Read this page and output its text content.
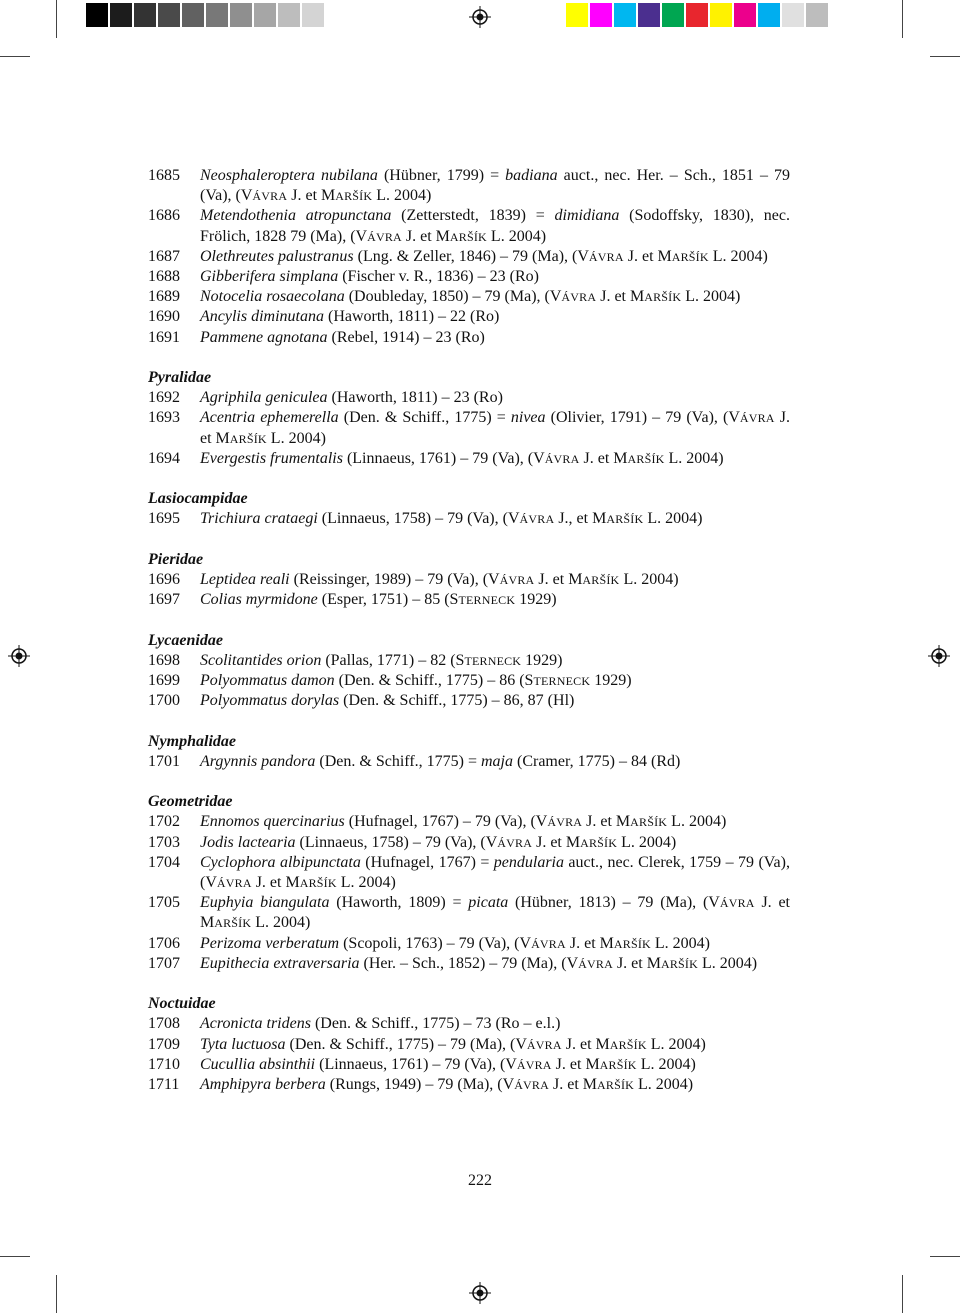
1685	Neosphaleroptera nubilana (Hübner, 1799) = badiana auct., nec. Her. – Sch., 1851 – 79 (Va), (VÁVRA J. et MARŠÍK L. 2004)

1686	Metendothenia atropunctana (Zetterstedt, 1839) = dimidiana (Sodoffsky, 1830), nec. Frölich, 1828 79 (Ma), (VÁVRA J. et MARŠÍK L. 2004)

1687	Olethreutes palustranus (Lng. & Zeller, 1846) – 79 (Ma), (VÁVRA J. et MARŠÍK L. 2004)

1688	Gibberifera simplana (Fischer v. R., 1836) – 23 (Ro)

1689	Notocelia rosaecolana (Doubleday, 1850) – 79 (Ma), (VÁVRA J. et MARŠÍK L. 2004)

1690	Ancylis diminutana (Haworth, 1811) – 22 (Ro)

1691	Pammene agnotana (Rebel, 1914) – 23 (Ro)

Pyralidae

1692	Agriphila geniculea (Haworth, 1811) – 23 (Ro)

1693	Acentria ephemerella (Den. & Schiff., 1775) = nivea (Olivier, 1791) – 79 (Va), (VÁVRA J. et MARŠÍK L. 2004)

1694	Evergestis frumentalis (Linnaeus, 1761) – 79 (Va), (VÁVRA J. et MARŠÍK L. 2004)

Lasiocampidae

1695	Trichiura crataegi (Linnaeus, 1758) – 79 (Va), (VÁVRA J., et MARŠÍK L. 2004)

Pieridae

1696	Leptidea reali (Reissinger, 1989) – 79 (Va), (VÁVRA J. et MARŠÍK L. 2004)

1697	Colias myrmidone (Esper, 1751) – 85 (STERNECK 1929)

Lycaenidae

1698	Scolitantides orion (Pallas, 1771) – 82 (STERNECK 1929)

1699	Polyommatus damon (Den. & Schiff., 1775) – 86 (STERNECK 1929)

1700	Polyommatus dorylas (Den. & Schiff., 1775) – 86, 87 (Hl)

Nymphalidae

1701	Argynnis pandora (Den. & Schiff., 1775) = maja (Cramer, 1775) – 84 (Rd)

Geometridae

1702	Ennomos quercinarius (Hufnagel, 1767) – 79 (Va), (VÁVRA J. et MARŠÍK L. 2004)

1703	Jodis lactearia (Linnaeus, 1758) – 79 (Va), (VÁVRA J. et MARŠÍK L. 2004)

1704	Cyclophora albipunctata (Hufnagel, 1767) = pendularia auct., nec. Clerek, 1759 – 79 (Va), (VÁVRA J. et MARŠÍK L. 2004)

1705	Euphyia biangulata (Haworth, 1809) = picata (Hübner, 1813) – 79 (Ma), (VÁVRA J. et MARŠÍK L. 2004)

1706	Perizoma verberatum (Scopoli, 1763) – 79 (Va), (VÁVRA J. et MARŠÍK L. 2004)

1707	Eupithecia extraversaria (Her. – Sch., 1852) – 79 (Ma), (VÁVRA J. et MARŠÍK L. 2004)

Noctuidae

1708	Acronicta tridens (Den. & Schiff., 1775) – 73 (Ro – e.l.)

1709	Tyta luctuosa (Den. & Schiff., 1775) – 79 (Ma), (VÁVRA J. et MARŠÍK L. 2004)

1710	Cucullia absinthii (Linnaeus, 1761) – 79 (Va), (VÁVRA J. et MARŠÍK L. 2004)

1711	Amphipyra berbera (Rungs, 1949) – 79 (Ma), (VÁVRA J. et MARŠÍK L. 2004)

222
